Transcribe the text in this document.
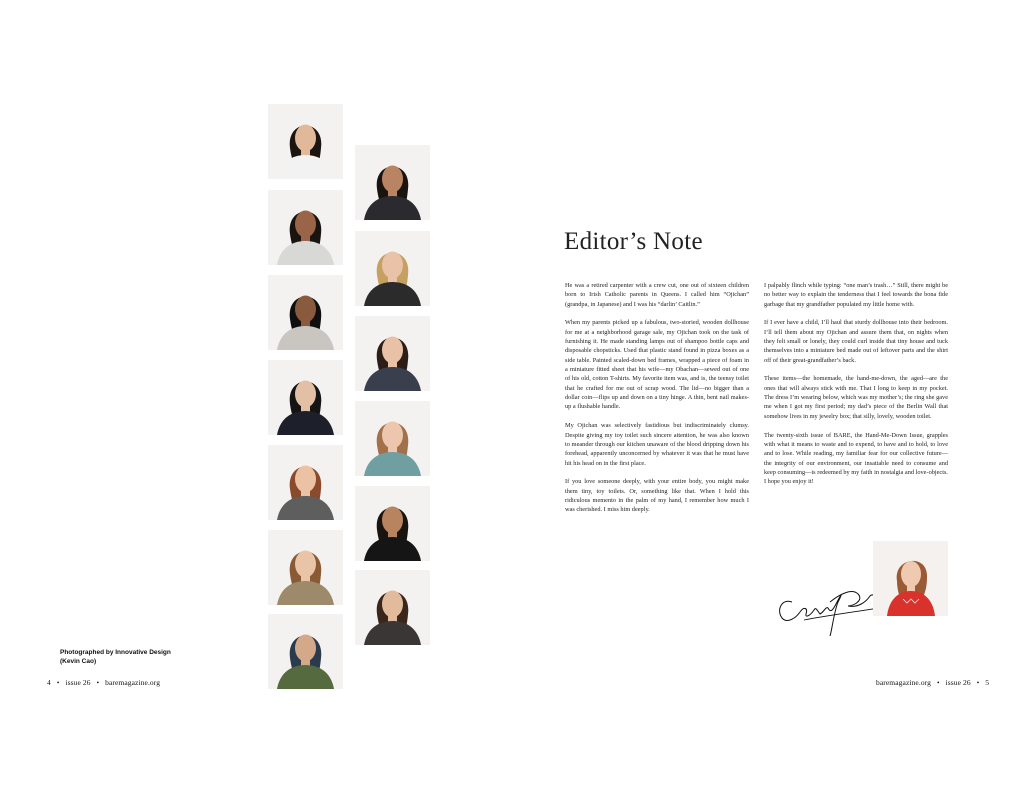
Photographed by Innovative Design
(Kevin Cao)
4 • issue 26 • baremagazine.org
Editor’s Note

He was a retired carpenter with a crew cut, one out of sixteen children born to Irish Catholic parents in Queens. I called him “Ojichan” (grandpa, in Japanese) and I was his “darlin’ Caitlin.”

When my parents picked up a fabulous, two-storied, wooden dollhouse for me at a neighborhood garage sale, my Ojichan took on the task of furnishing it. He made standing lamps out of shampoo bottle caps and disposable chopsticks. Used that plastic stand found in pizza boxes as a side table. Painted scaled-down bed frames, wrapped a piece of foam in a miniature fitted sheet that his wife—my Obachan—sewed out of one of his old, cotton T-shirts. My favorite item was, and is, the teensy toilet that he crafted for me out of scrap wood. The lid—no bigger than a dollar coin—flips up and down on a tiny hinge. A thin, bent nail makes-up a flushable handle.

My Ojichan was selectively fastidious but indiscriminately clumsy. Despite giving my toy toilet such sincere attention, he was also known to meander through our kitchen unaware of the blood dripping down his forehead, apparently unconcerned by whatever it was that he must have hit his head on in the first place.

If you love someone deeply, with your entire body, you might make them tiny, toy toilets. Or, something like that. When I hold this ridiculous memento in the palm of my hand, I remember how much I was cherished. I miss him deeply.

I palpably flinch while typing: “one man’s trash…” Still, there might be no better way to explain the tenderness that I feel towards the bona fide garbage that my grandfather populated my little home with.

If I ever have a child, I’ll haul that sturdy dollhouse into their bedroom. I’ll tell them about my Ojichan and assure them that, on nights when they felt small or lonely, they could curl inside that tiny house and tuck themselves into a miniature bed made out of leftover parts and the shirt off of their great-grandfather’s back.

These items—the homemade, the hand-me-down, the aged—are the ones that will always stick with me. That I long to keep in my pocket. The dress I’m wearing below, which was my mother’s; the ring she gave me when I got my first period; my dad’s piece of the Berlin Wall that somehow lives in my jewelry box; that silly, lovely, wooden toilet.

The twenty-sixth issue of BARE, the Hand-Me-Down Issue, grapples with what it means to waste and to expend, to have and to hold, to love and to lose. While reading, my familiar fear for our collective future—the integrity of our environment, our insatiable need to consume and keep consuming—is redeemed by my faith in nostalgia and love-objects. I hope you enjoy it!

baremagazine.org • issue 26 • 5
